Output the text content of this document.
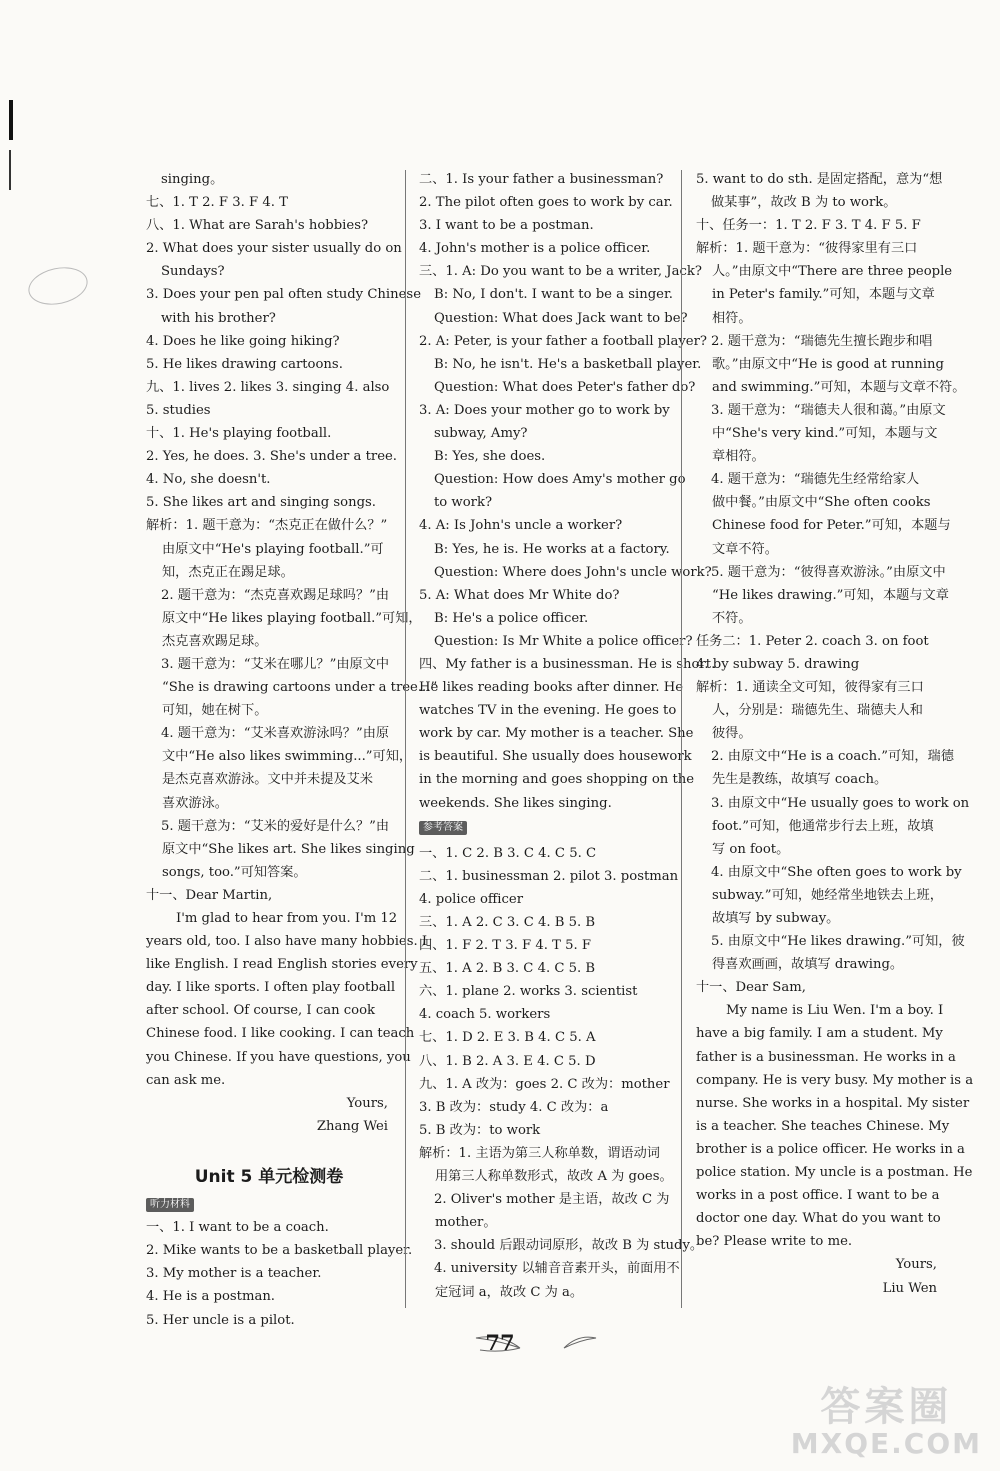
singing。
七、1. T 2. F 3. F 4. T
八、1. What are Sarah's hobbies?
2. What does your sister usually do on
Sundays?
3. Does your pen pal often study Chinese
with his brother?
4. Does he like going hiking?
5. He likes drawing cartoons.
九、1. lives 2. likes 3. singing 4. also
5. studies
十、1. He's playing football.
2. Yes, he does. 3. She's under a tree.
4. No, she doesn't.
5. She likes art and singing songs.
解析：1. 题干意为：“杰克正在做什么？”
由原文中“He's playing football.”可
知，杰克正在踢足球。
2. 题干意为：“杰克喜欢踢足球吗？”由
原文中“He likes playing football.”可知，
杰克喜欢踢足球。
3. 题干意为：“艾米在哪儿？”由原文中
“She is drawing cartoons under a tree...”
可知，她在树下。
4. 题干意为：“艾米喜欢游泳吗？”由原
文中“He also likes swimming...”可知，
是杰克喜欢游泳。文中并未提及艾米
喜欢游泳。
5. 题干意为：“艾米的爱好是什么？”由
原文中“She likes art. She likes singing
songs, too.”可知答案。
十一、Dear Martin,
I'm glad to hear from you. I'm 12
years old, too. I also have many hobbies. I
like English. I read English stories every
day. I like sports. I often play football
after school. Of course, I can cook
Chinese food. I like cooking. I can teach
you Chinese. If you have questions, you
can ask me.
Yours,
Zhang Wei
Unit 5 单元检测卷
听力材料
一、1. I want to be a coach.
2. Mike wants to be a basketball player.
3. My mother is a teacher.
4. He is a postman.
5. Her uncle is a pilot.
二、1. Is your father a businessman?
2. The pilot often goes to work by car.
3. I want to be a postman.
4. John's mother is a police officer.
三、1. A: Do you want to be a writer, Jack?
B: No, I don't. I want to be a singer.
Question: What does Jack want to be?
2. A: Peter, is your father a football player?
B: No, he isn't. He's a basketball player.
Question: What does Peter's father do?
3. A: Does your mother go to work by
subway, Amy?
B: Yes, she does.
Question: How does Amy's mother go
to work?
4. A: Is John's uncle a worker?
B: Yes, he is. He works at a factory.
Question: Where does John's uncle work?
5. A: What does Mr White do?
B: He's a police officer.
Question: Is Mr White a police officer?
四、My father is a businessman. He is short.
He likes reading books after dinner. He
watches TV in the evening. He goes to
work by car. My mother is a teacher. She
is beautiful. She usually does housework
in the morning and goes shopping on the
weekends. She likes singing.
参考答案
一、1. C 2. B 3. C 4. C 5. C
二、1. businessman 2. pilot 3. postman
4. police officer
三、1. A 2. C 3. C 4. B 5. B
四、1. F 2. T 3. F 4. T 5. F
五、1. A 2. B 3. C 4. C 5. B
六、1. plane 2. works 3. scientist
4. coach 5. workers
七、1. D 2. E 3. B 4. C 5. A
八、1. B 2. A 3. E 4. C 5. D
九、1. A 改为：goes 2. C 改为：mother
3. B 改为：study 4. C 改为：a
5. B 改为：to work
解析：1. 主语为第三人称单数，谓语动词
用第三人称单数形式，故改 A 为 goes。
2. Oliver's mother 是主语，故改 C 为
mother。
3. should 后跟动词原形，故改 B 为 study。
4. university 以辅音音素开头，前面用不
定冠词 a，故改 C 为 a。
5. want to do sth. 是固定搭配，意为“想
做某事”，故改 B 为 to work。
十、任务一：1. T 2. F 3. T 4. F 5. F
解析：1. 题干意为：“彼得家里有三口
人。”由原文中“There are three people
in Peter's family.”可知，本题与文章
相符。
2. 题干意为：“瑞德先生擅长跑步和唱
歌。”由原文中“He is good at running
and swimming.”可知，本题与文章不符。
3. 题干意为：“瑞德夫人很和蔼。”由原文
中“She's very kind.”可知，本题与文
章相符。
4. 题干意为：“瑞德先生经常给家人
做中餐。”由原文中“She often cooks
Chinese food for Peter.”可知，本题与
文章不符。
5. 题干意为：“彼得喜欢游泳。”由原文中
“He likes drawing.”可知，本题与文章
不符。
任务二：1. Peter 2. coach 3. on foot
4. by subway 5. drawing
解析：1. 通读全文可知，彼得家有三口
人，分别是：瑞德先生、瑞德夫人和
彼得。
2. 由原文中“He is a coach.”可知，瑞德
先生是教练，故填写 coach。
3. 由原文中“He usually goes to work on
foot.”可知，他通常步行去上班，故填
写 on foot。
4. 由原文中“She often goes to work by
subway.”可知，她经常坐地铁去上班，
故填写 by subway。
5. 由原文中“He likes drawing.”可知，彼
得喜欢画画，故填写 drawing。
十一、Dear Sam,
My name is Liu Wen. I'm a boy. I
have a big family. I am a student. My
father is a businessman. He works in a
company. He is very busy. My mother is a
nurse. She works in a hospital. My sister
is a teacher. She teaches Chinese. My
brother is a police officer. He works in a
police station. My uncle is a postman. He
works in a post office. I want to be a
doctor one day. What do you want to
be? Please write to me.
Yours,
Liu Wen
77
答案圈
MXQE.COM
